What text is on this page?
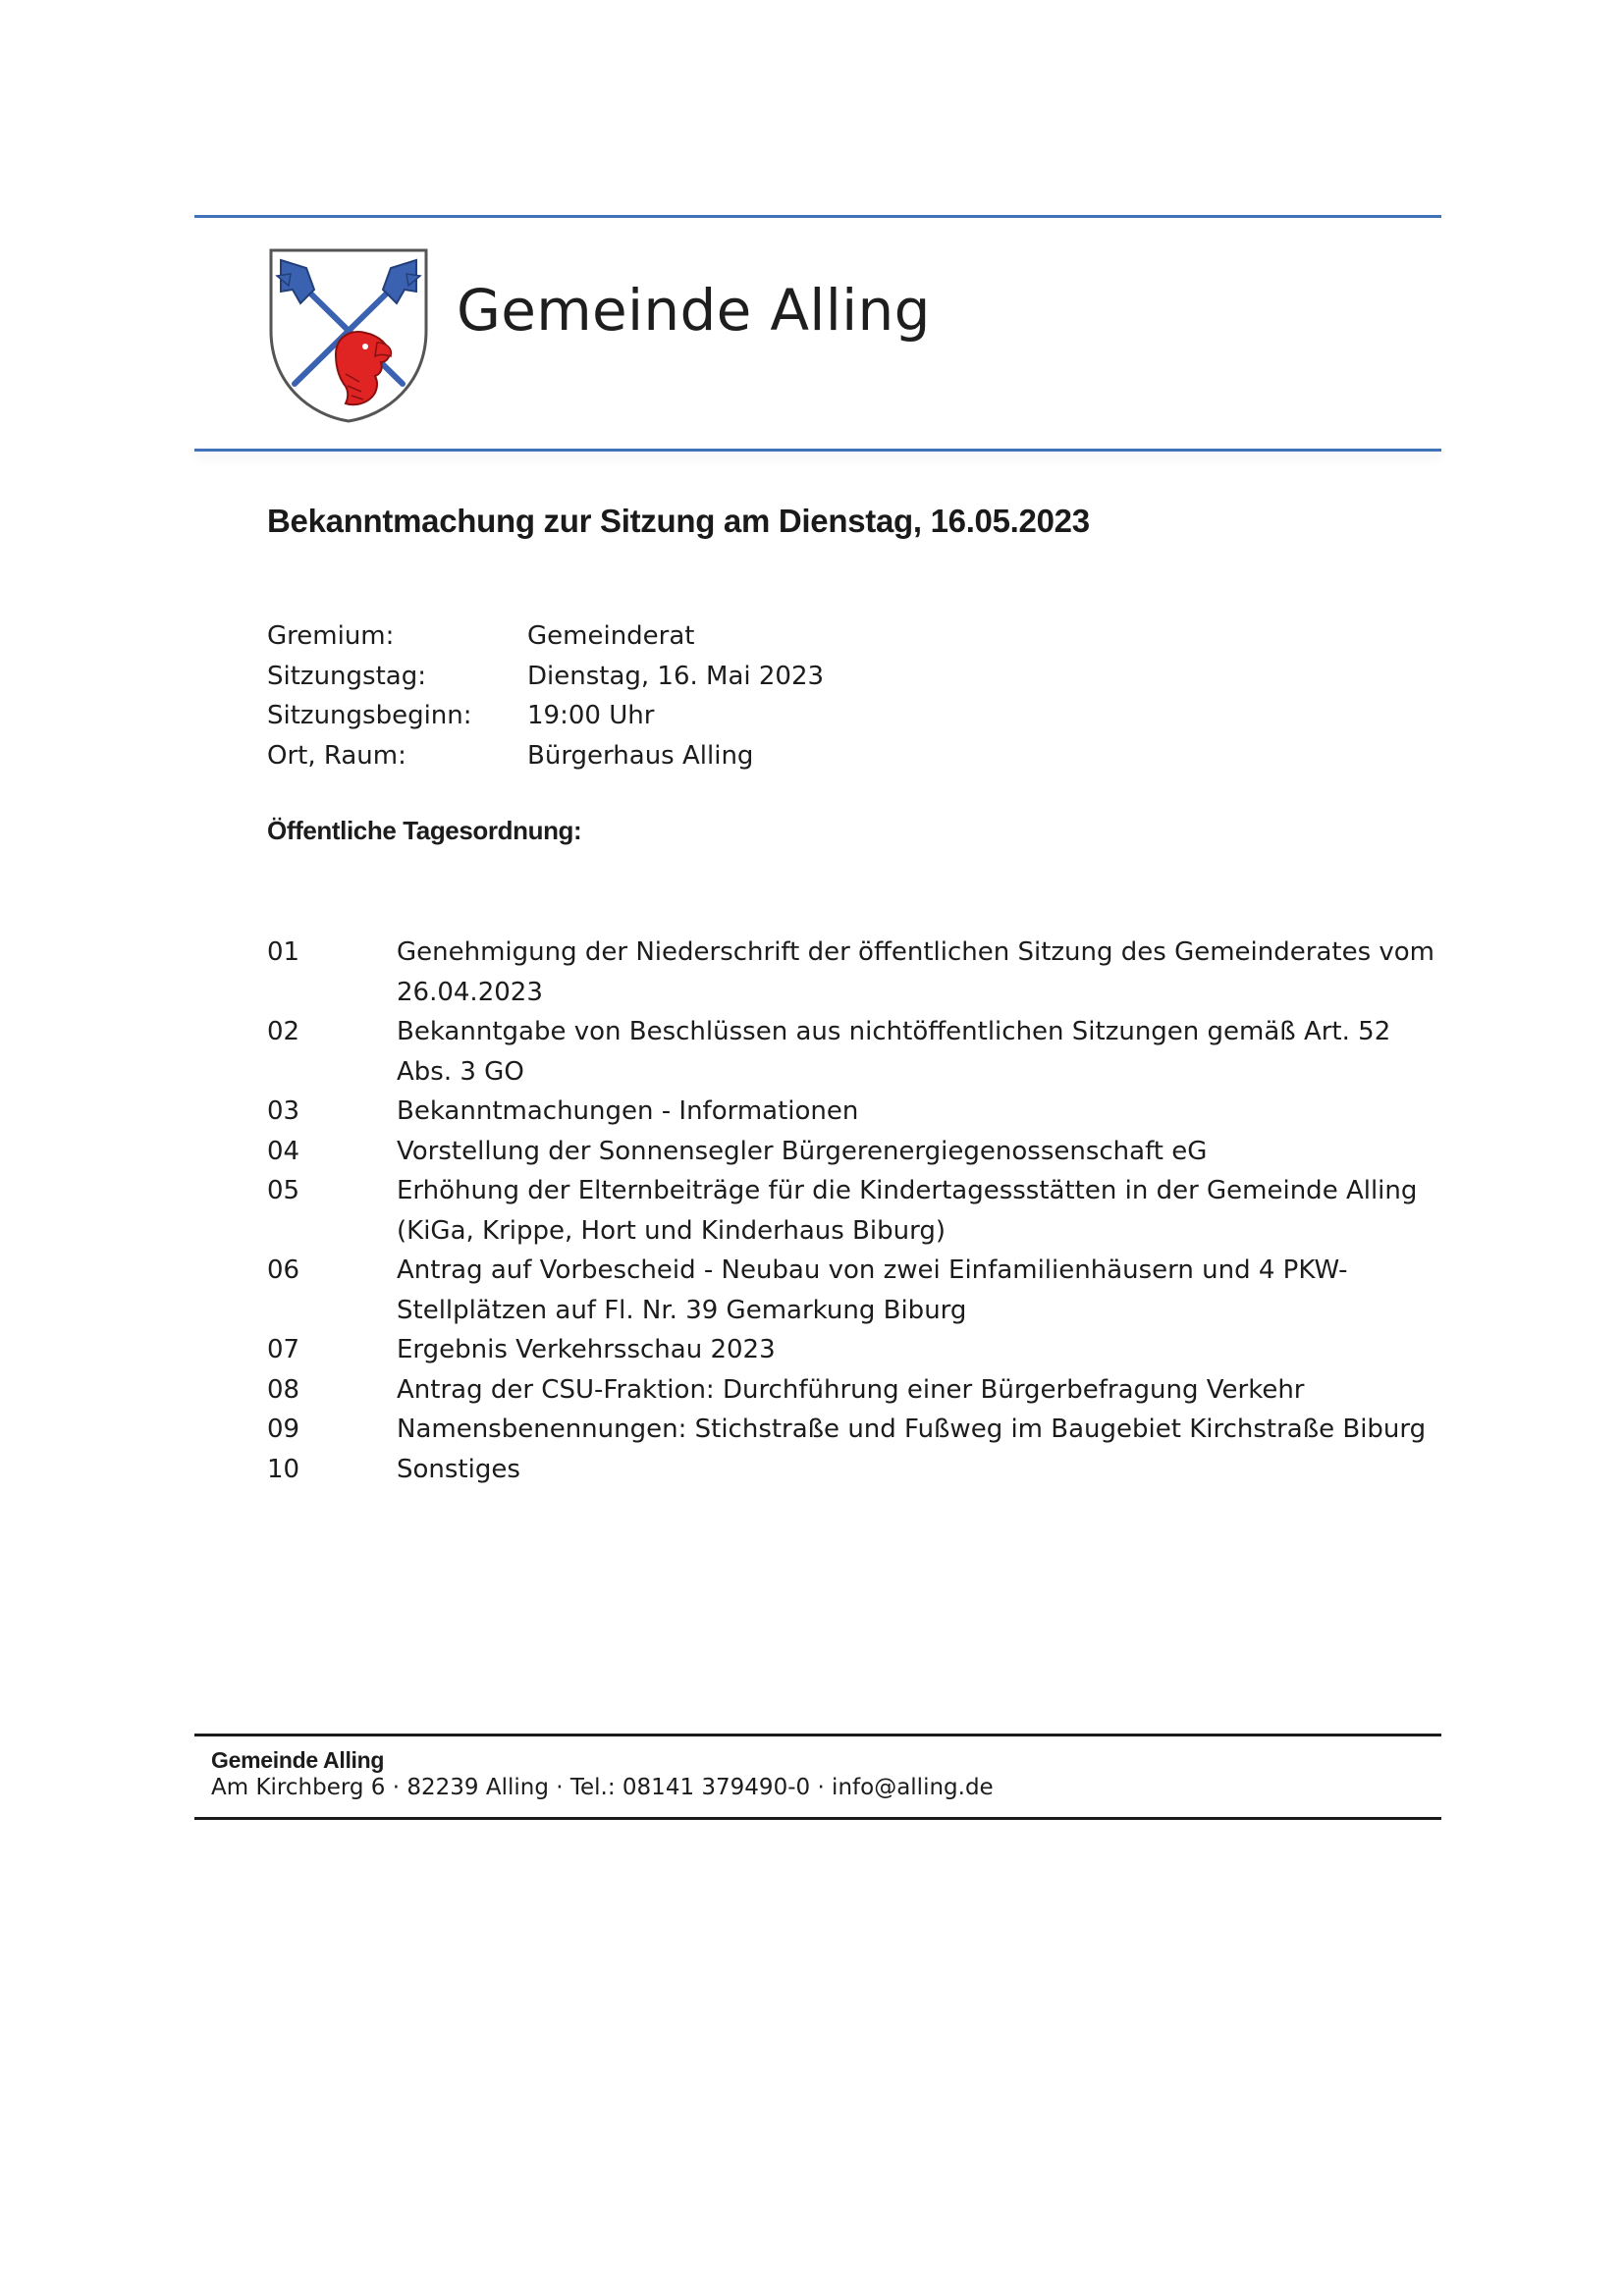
Gemeinde Alling
Bekanntmachung zur Sitzung am Dienstag, 16.05.2023
Gremium:	Gemeinderat
Sitzungstag:	Dienstag, 16. Mai 2023
Sitzungsbeginn: 19:00 Uhr
Ort, Raum:	Bürgerhaus Alling
Öffentliche Tagesordnung:
01	Genehmigung der Niederschrift der öffentlichen Sitzung des Gemeinderates vom 26.04.2023
02	Bekanntgabe von Beschlüssen aus nichtöffentlichen Sitzungen gemäß Art. 52 Abs. 3 GO
03	Bekanntmachungen - Informationen
04	Vorstellung der Sonnensegler Bürgerenergiegenossenschaft eG
05	Erhöhung der Elternbeiträge für die Kindertagessstätten in der Gemeinde Alling (KiGa, Krippe, Hort und Kinderhaus Biburg)
06	Antrag auf Vorbescheid - Neubau von zwei Einfamilienhäusern und 4 PKW-Stellplätzen auf Fl. Nr. 39 Gemarkung Biburg
07	Ergebnis Verkehrsschau 2023
08	Antrag der CSU-Fraktion: Durchführung einer Bürgerbefragung Verkehr
09	Namensbenennungen: Stichstraße und Fußweg im Baugebiet Kirchstraße Biburg
10	Sonstiges
Gemeinde Alling
Am Kirchberg 6 · 82239 Alling · Tel.: 08141 379490-0 · info@alling.de
